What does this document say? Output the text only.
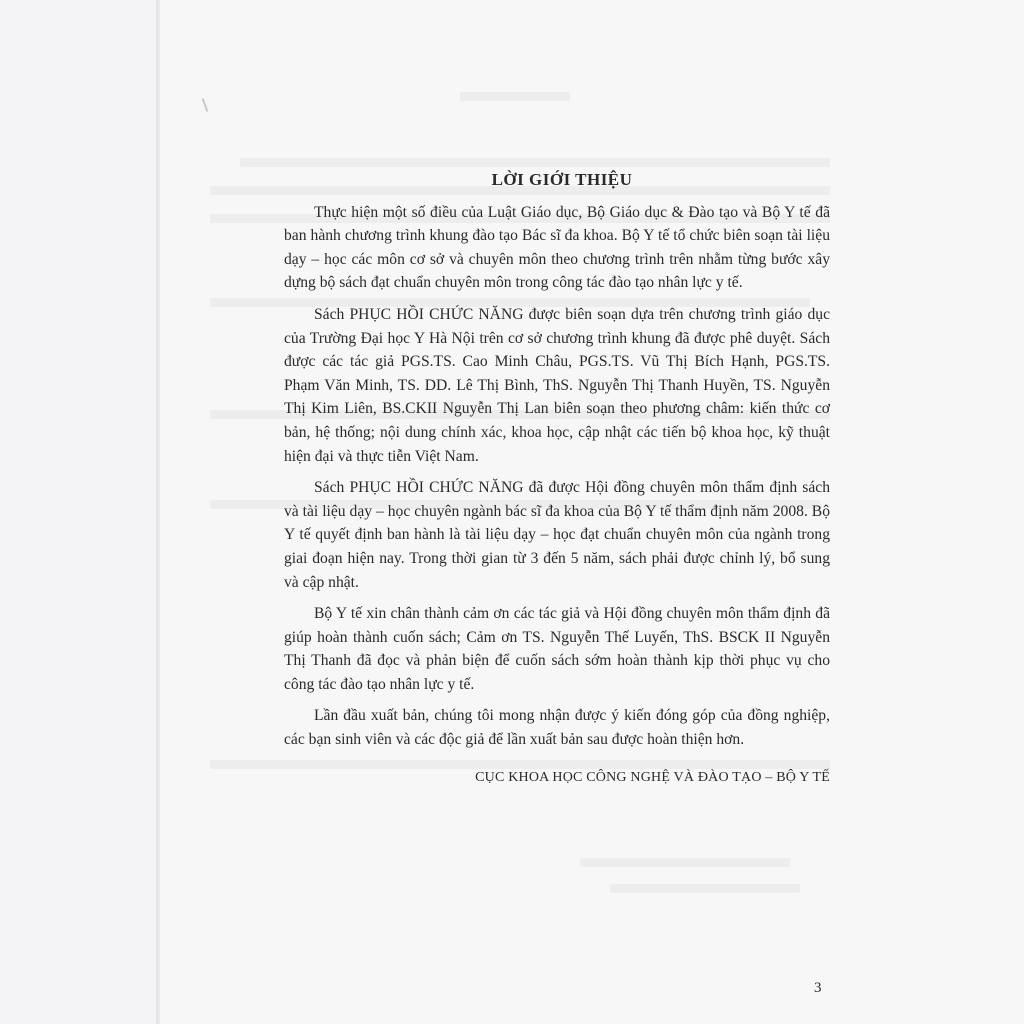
LỜI GIỚI THIỆU

Thực hiện một số điều của Luật Giáo dục, Bộ Giáo dục & Đào tạo và Bộ Y tế đã ban hành chương trình khung đào tạo Bác sĩ đa khoa. Bộ Y tế tổ chức biên soạn tài liệu dạy – học các môn cơ sở và chuyên môn theo chương trình trên nhằm từng bước xây dựng bộ sách đạt chuẩn chuyên môn trong công tác đào tạo nhân lực y tế.

Sách PHỤC HỒI CHỨC NĂNG được biên soạn dựa trên chương trình giáo dục của Trường Đại học Y Hà Nội trên cơ sở chương trình khung đã được phê duyệt. Sách được các tác giả PGS.TS. Cao Minh Châu, PGS.TS. Vũ Thị Bích Hạnh, PGS.TS. Phạm Văn Minh, TS. DD. Lê Thị Bình, ThS. Nguyễn Thị Thanh Huyền, TS. Nguyễn Thị Kim Liên, BS.CKII Nguyễn Thị Lan biên soạn theo phương châm: kiến thức cơ bản, hệ thống; nội dung chính xác, khoa học, cập nhật các tiến bộ khoa học, kỹ thuật hiện đại và thực tiễn Việt Nam.

Sách PHỤC HỒI CHỨC NĂNG đã được Hội đồng chuyên môn thẩm định sách và tài liệu dạy – học chuyên ngành bác sĩ đa khoa của Bộ Y tế thẩm định năm 2008. Bộ Y tế quyết định ban hành là tài liệu dạy – học đạt chuẩn chuyên môn của ngành trong giai đoạn hiện nay. Trong thời gian từ 3 đến 5 năm, sách phải được chỉnh lý, bổ sung và cập nhật.

Bộ Y tế xin chân thành cảm ơn các tác giả và Hội đồng chuyên môn thẩm định đã giúp hoàn thành cuốn sách; Cảm ơn TS. Nguyễn Thế Luyến, ThS. BSCK II Nguyễn Thị Thanh đã đọc và phản biện để cuốn sách sớm hoàn thành kịp thời phục vụ cho công tác đào tạo nhân lực y tế.

Lần đầu xuất bản, chúng tôi mong nhận được ý kiến đóng góp của đồng nghiệp, các bạn sinh viên và các độc giả để lần xuất bản sau được hoàn thiện hơn.

CỤC KHOA HỌC CÔNG NGHỆ VÀ ĐÀO TẠO – BỘ Y TẾ
3
